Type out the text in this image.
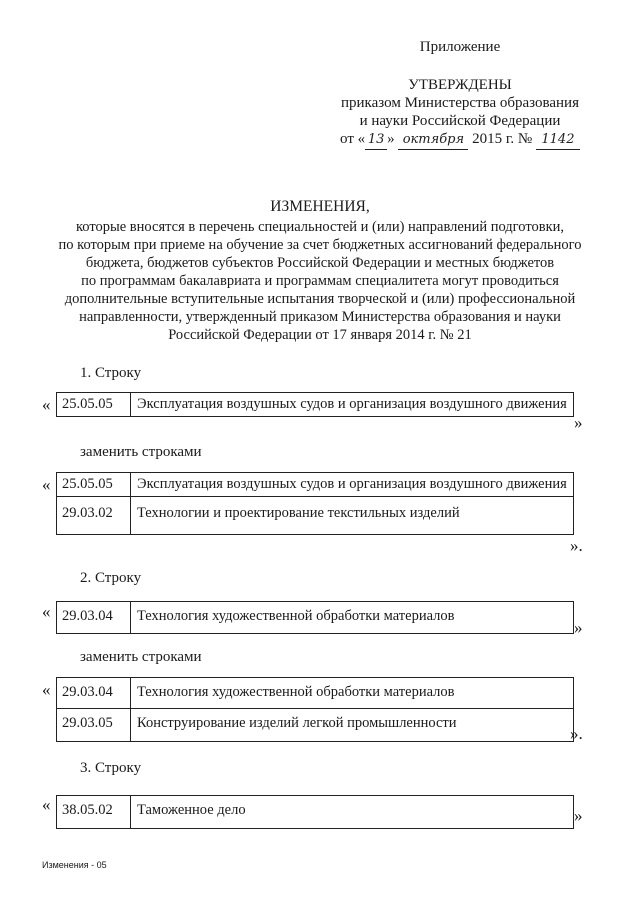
Приложение
УТВЕРЖДЕНЫ
приказом Министерства образования
и науки Российской Федерации
от « 13 » октября 2015 г. № 1142
ИЗМЕНЕНИЯ,
которые вносятся в перечень специальностей и (или) направлений подготовки,
по которым при приеме на обучение за счет бюджетных ассигнований федерального
бюджета, бюджетов субъектов Российской Федерации и местных бюджетов
по программам бакалавриата и программам специалитета могут проводиться
дополнительные вступительные испытания творческой и (или) профессиональной
направленности, утвержденный приказом Министерства образования и науки
Российской Федерации от 17 января 2014 г. № 21
1. Строку
« 25.05.05	Эксплуатация воздушных судов и организация воздушного движения
»
заменить строками
« 25.05.05	Эксплуатация воздушных судов и организация воздушного движения
29.03.02	Технологии и проектирование текстильных изделий
».
2. Строку
« 29.03.04	Технология художественной обработки материалов
»
заменить строками
« 29.03.04	Технология художественной обработки материалов
29.03.05	Конструирование изделий легкой промышленности
».
3. Строку
« 38.05.02	Таможенное дело	»
Изменения - 05
